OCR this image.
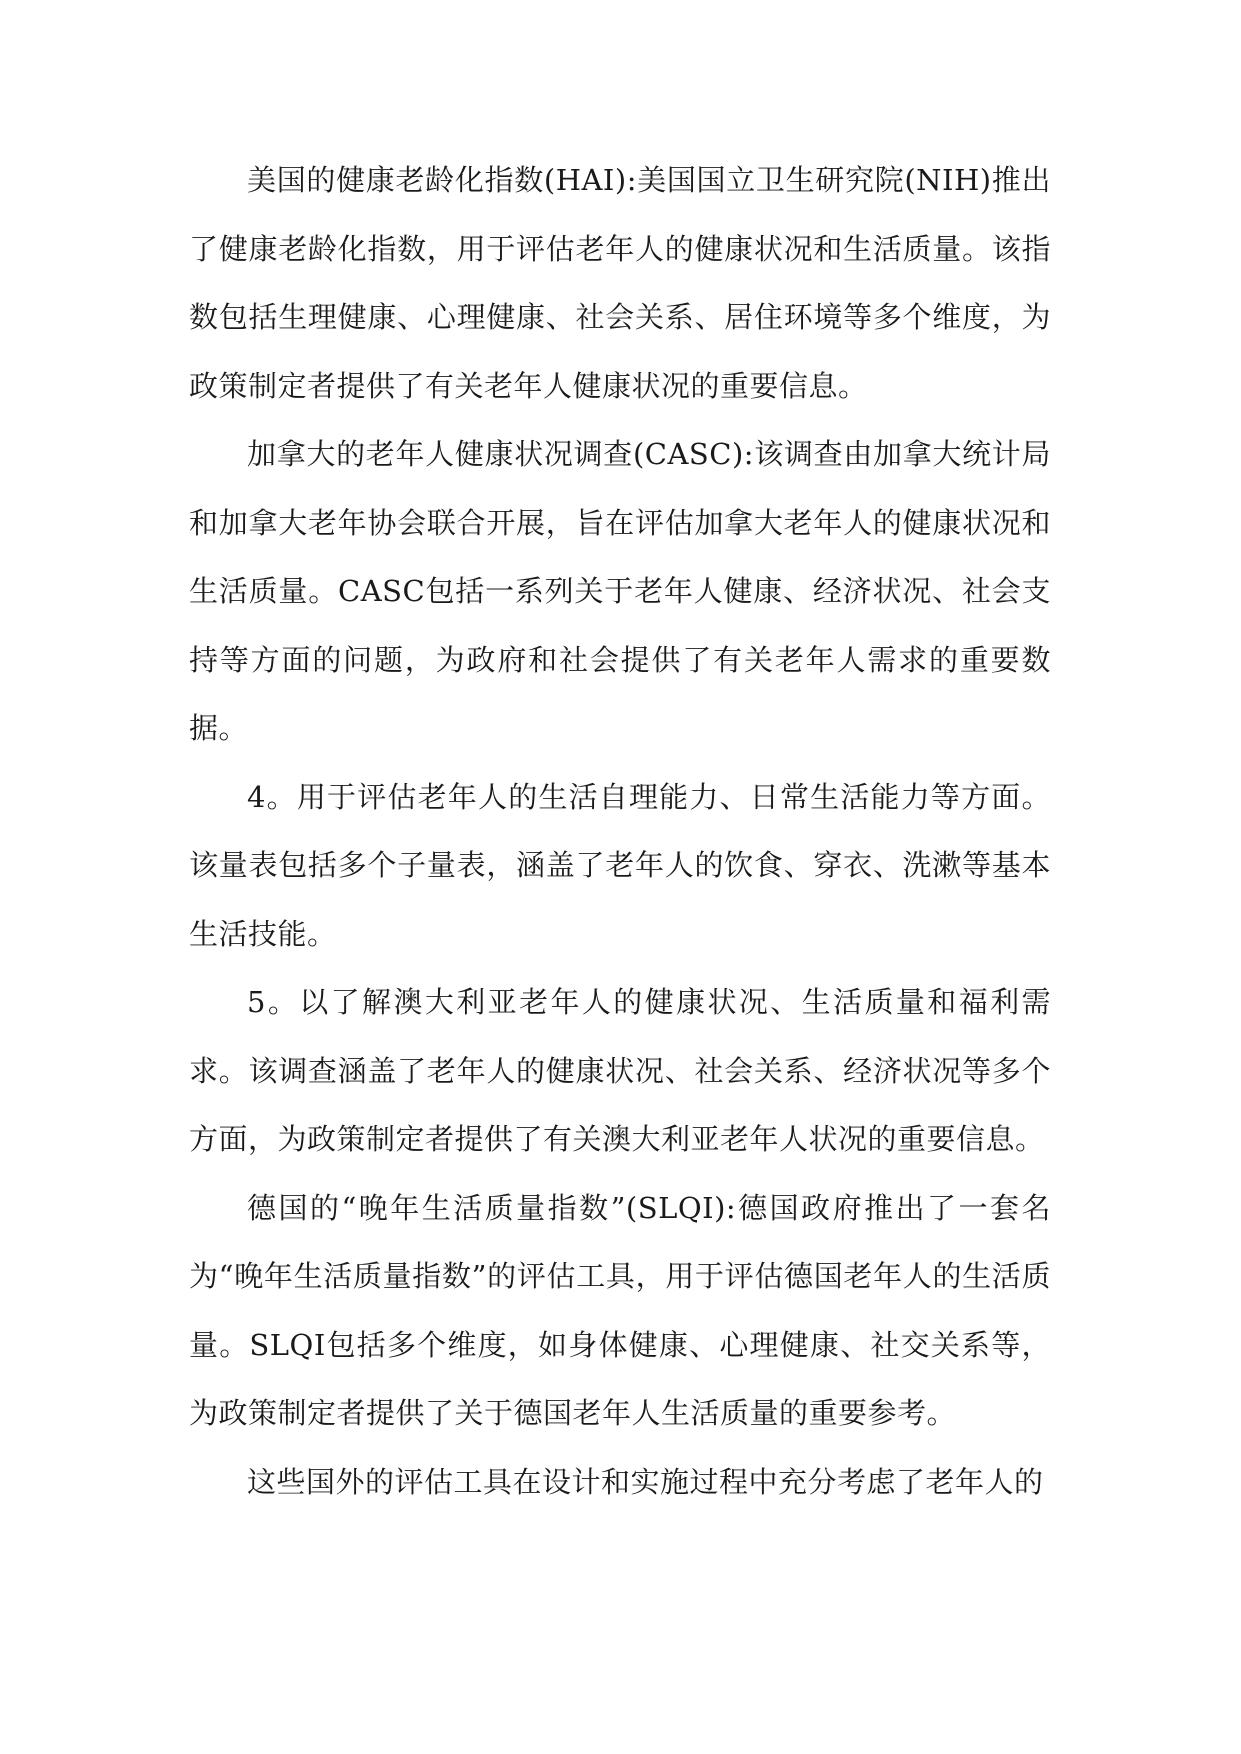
美国的健康老龄化指数(HAI):美国国立卫生研究院(NIH)推出了健康老龄化指数，用于评估老年人的健康状况和生活质量。该指数包括生理健康、心理健康、社会关系、居住环境等多个维度，为政策制定者提供了有关老年人健康状况的重要信息。

加拿大的老年人健康状况调查(CASC):该调查由加拿大统计局和加拿大老年协会联合开展，旨在评估加拿大老年人的健康状况和生活质量。CASC包括一系列关于老年人健康、经济状况、社会支持等方面的问题，为政府和社会提供了有关老年人需求的重要数据。

4。用于评估老年人的生活自理能力、日常生活能力等方面。该量表包括多个子量表，涵盖了老年人的饮食、穿衣、洗漱等基本生活技能。

5。以了解澳大利亚老年人的健康状况、生活质量和福利需求。该调查涵盖了老年人的健康状况、社会关系、经济状况等多个方面，为政策制定者提供了有关澳大利亚老年人状况的重要信息。

德国的“晚年生活质量指数”(SLQI):德国政府推出了一套名为“晚年生活质量指数”的评估工具，用于评估德国老年人的生活质量。SLQI包括多个维度，如身体健康、心理健康、社交关系等，为政策制定者提供了关于德国老年人生活质量的重要参考。

这些国外的评估工具在设计和实施过程中充分考虑了老年人的
